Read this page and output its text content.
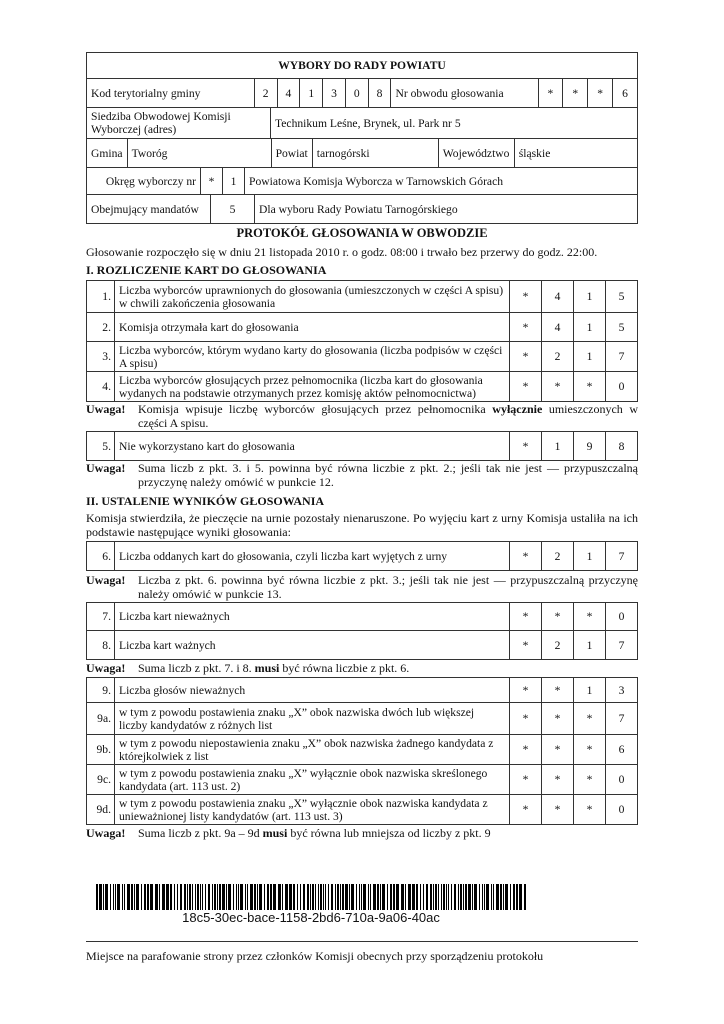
WYBORY DO RADY POWIATU
Kod terytorialny gminy	2	4	1	3	0	8	Nr obwodu głosowania	*	*	*	6
Siedziba Obwodowej Komisji Wyborczej (adres)	Technikum Leśne, Brynek, ul. Park nr 5
Gmina	Tworóg	Powiat	tarnogórski	Województwo	śląskie
Okręg wyborczy nr	*	1	Powiatowa Komisja Wyborcza w Tarnowskich Górach
Obejmujący mandatów	5	Dla wyboru Rady Powiatu Tarnogórskiego
PROTOKÓŁ GŁOSOWANIA W OBWODZIE
Głosowanie rozpoczęło się w dniu 21 listopada 2010 r. o godz. 08:00 i trwało bez przerwy do godz. 22:00.
I. ROZLICZENIE KART DO GŁOSOWANIA
1.	Liczba wyborców uprawnionych do głosowania (umieszczonych w części A spisu) w chwili zakończenia głosowania	*	4	1	5
2.	Komisja otrzymała kart do głosowania	*	4	1	5
3.	Liczba wyborców, którym wydano karty do głosowania (liczba podpisów w części A spisu)	*	2	1	7
4.	Liczba wyborców głosujących przez pełnomocnika (liczba kart do głosowania wydanych na podstawie otrzymanych przez komisję aktów pełnomocnictwa)	*	*	*	0
Uwaga!	Komisja wpisuje liczbę wyborców głosujących przez pełnomocnika wyłącznie umieszczonych w części A spisu.
5.	Nie wykorzystano kart do głosowania	*	1	9	8
Uwaga!	Suma liczb z pkt. 3. i 5. powinna być równa liczbie z pkt. 2.; jeśli tak nie jest — przypuszczalną przyczynę należy omówić w punkcie 12.
II. USTALENIE WYNIKÓW GŁOSOWANIA
Komisja stwierdziła, że pieczęcie na urnie pozostały nienaruszone. Po wyjęciu kart z urny Komisja ustaliła na ich podstawie następujące wyniki głosowania:
6.	Liczba oddanych kart do głosowania, czyli liczba kart wyjętych z urny	*	2	1	7
Uwaga!	Liczba z pkt. 6. powinna być równa liczbie z pkt. 3.; jeśli tak nie jest — przypuszczalną przyczynę należy omówić w punkcie 13.
7.	Liczba kart nieważnych	*	*	*	0
8.	Liczba kart ważnych	*	2	1	7
Uwaga!	Suma liczb z pkt. 7. i 8. musi być równa liczbie z pkt. 6.
9.	Liczba głosów nieważnych	*	*	1	3
9a.	w tym z powodu postawienia znaku „X” obok nazwiska dwóch lub większej liczby kandydatów z różnych list	*	*	*	7
9b.	w tym z powodu niepostawienia znaku „X” obok nazwiska żadnego kandydata z którejkolwiek z list	*	*	*	6
9c.	w tym z powodu postawienia znaku „X” wyłącznie obok nazwiska skreślonego kandydata (art. 113 ust. 2)	*	*	*	0
9d.	w tym z powodu postawienia znaku „X” wyłącznie obok nazwiska kandydata z unieważnionej listy kandydatów (art. 113 ust. 3)	*	*	*	0
Uwaga!	Suma liczb z pkt. 9a – 9d musi być równa lub mniejsza od liczby z pkt. 9
18c5-30ec-bace-1158-2bd6-710a-9a06-40ac
Miejsce na parafowanie strony przez członków Komisji obecnych przy sporządzeniu protokołu
